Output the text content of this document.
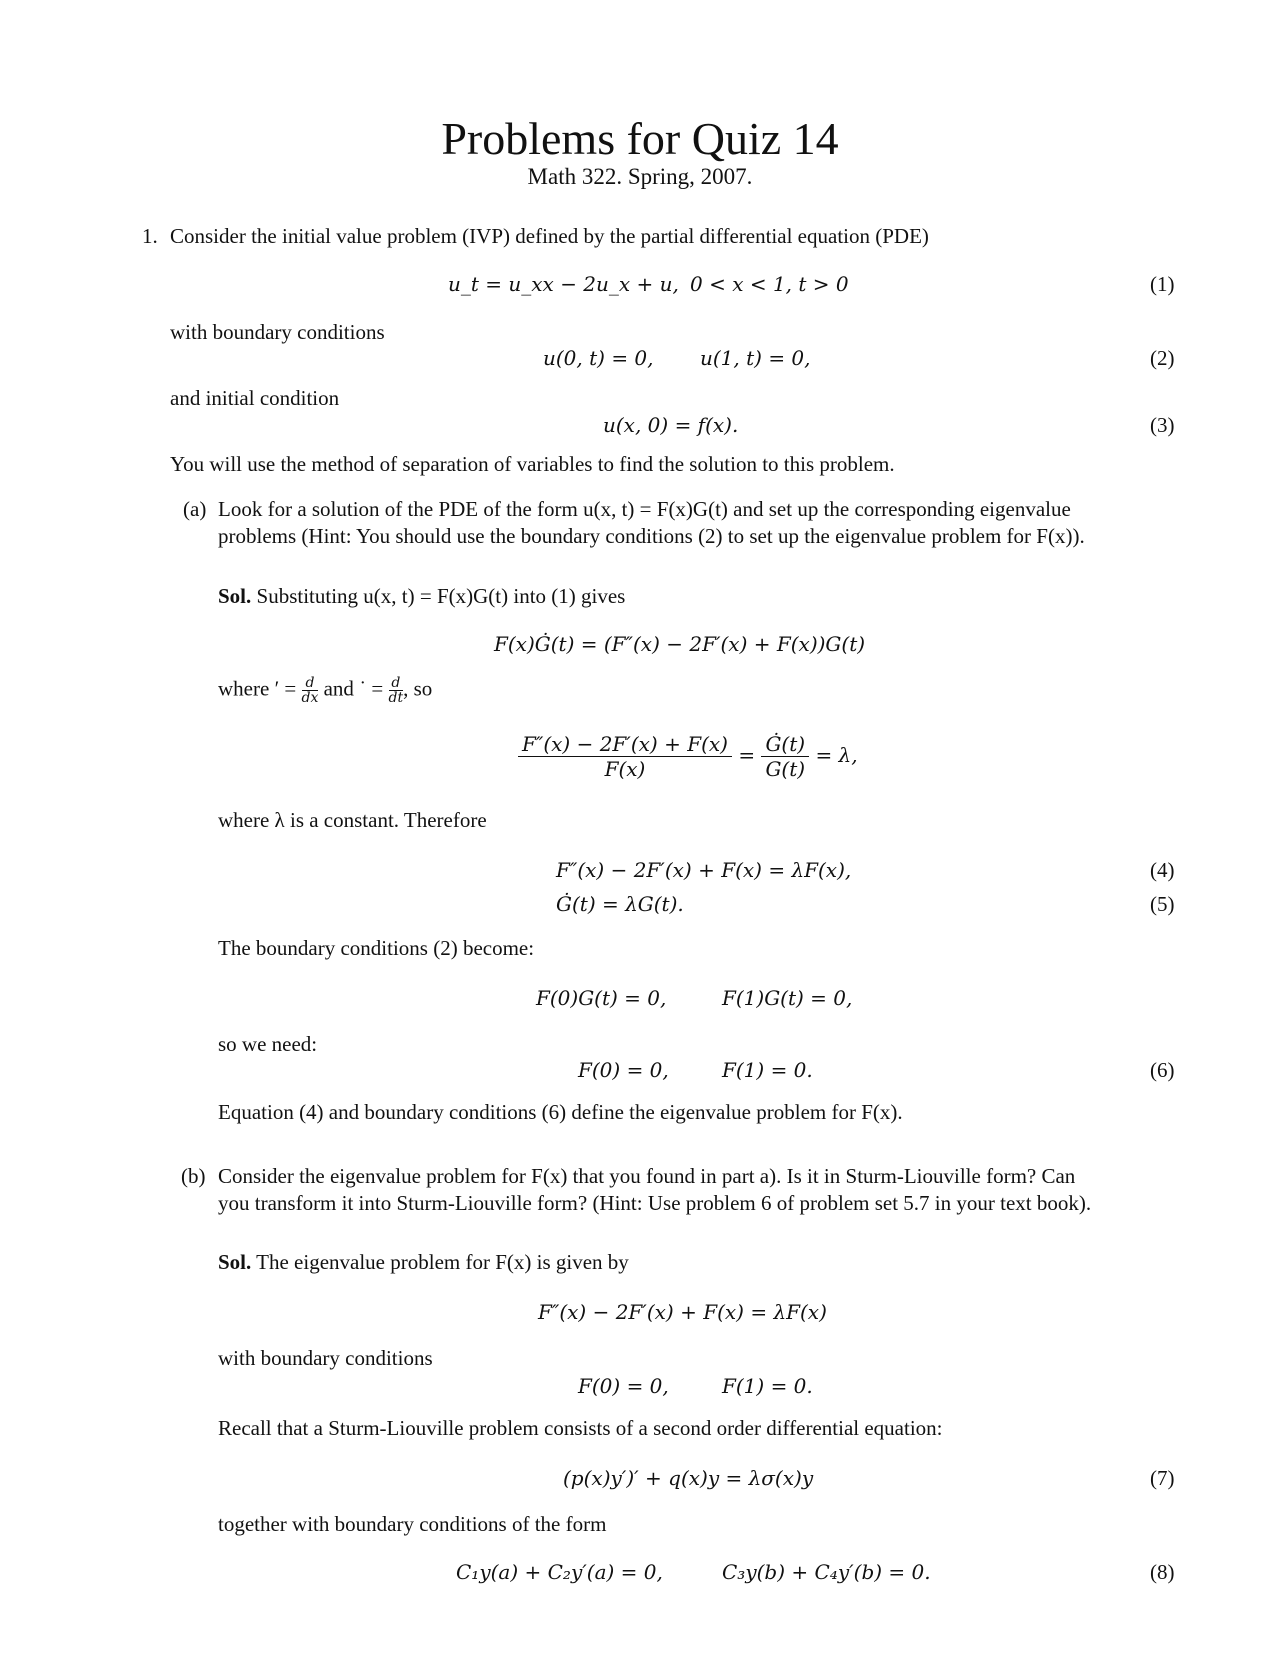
Problems for Quiz 14
Math 322. Spring, 2007.
1. Consider the initial value problem (IVP) defined by the partial differential equation (PDE)
u_t = u_xx − 2u_x + u, 0 < x < 1, t > 0	(1)
with boundary conditions
u(0, t) = 0, u(1, t) = 0,	(2)
and initial condition
u(x, 0) = f(x).	(3)
You will use the method of separation of variables to find the solution to this problem.
(a) Look for a solution of the PDE of the form u(x, t) = F(x)G(t) and set up the corresponding eigenvalue
problems (Hint: You should use the boundary conditions (2) to set up the eigenvalue problem for F(x)).
Sol. Substituting u(x, t) = F(x)G(t) into (1) gives
F(x)Ġ(t) = (F″(x) − 2F′(x) + F(x))G(t)
where ′ = $\frac{d}{dx}$ and ˙ = $\frac{d}{dt}$ , so
$\frac{F''(x) - 2F'(x) + F(x)}{F(x)} = \frac{Ġ(t)}{G(t)} = \lambda$,
where λ is a constant. Therefore
F″(x) − 2F′(x) + F(x) = λF(x),	(4)
Ġ(t) = λG(t).	(5)
The boundary conditions (2) become:
F(0)G(t) = 0,	F(1)G(t) = 0,
so we need:
F(0) = 0,	F(1) = 0.	(6)
Equation (4) and boundary conditions (6) define the eigenvalue problem for F(x).
(b) Consider the eigenvalue problem for F(x) that you found in part a). Is it in Sturm-Liouville form? Can
you transform it into Sturm-Liouville form? (Hint: Use problem 6 of problem set 5.7 in your text book).
Sol. The eigenvalue problem for F(x) is given by
F″(x) − 2F′(x) + F(x) = λF(x)
with boundary conditions
F(0) = 0,	F(1) = 0.
Recall that a Sturm-Liouville problem consists of a second order differential equation:
(p(x)y′)′ + q(x)y = λσ(x)y	(7)
together with boundary conditions of the form
C₁y(a) + C₂y′(a) = 0,	C₃y(b) + C₄y′(b) = 0.	(8)
